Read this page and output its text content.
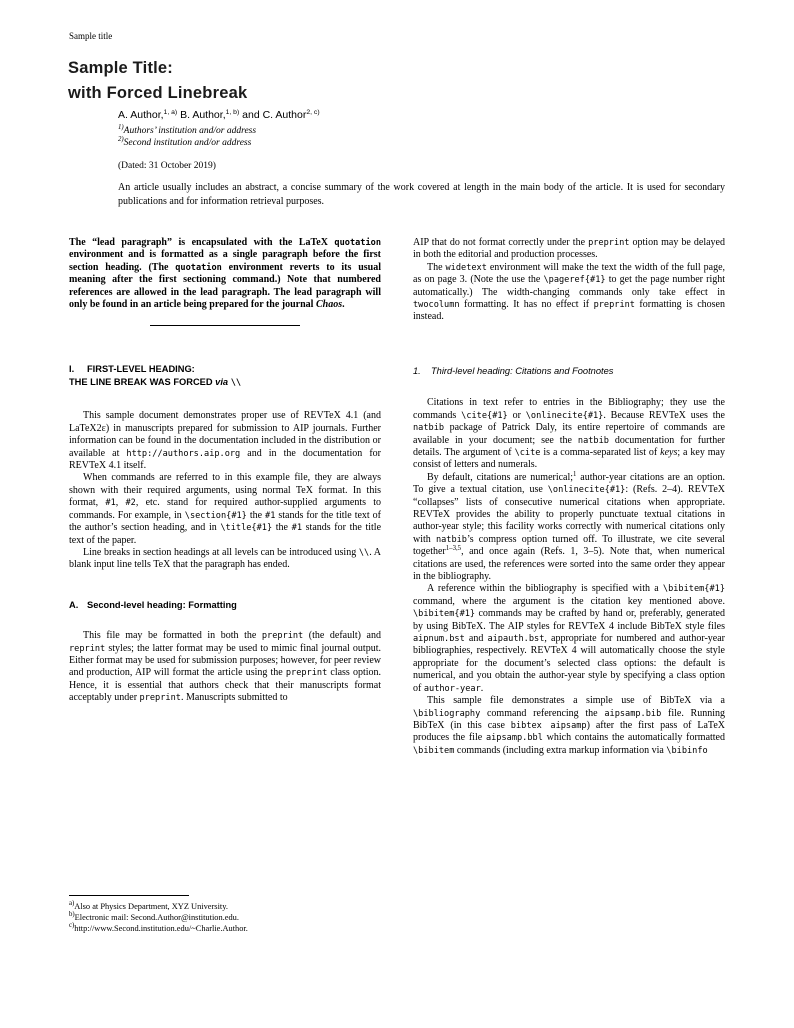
Sample title
Sample Title:
with Forced Linebreak
A. Author,$^{1, a)}$ B. Author,$^{1, b)}$ and C. Author$^{2, c)}$
$^{1)}$Authors’ institution and/or address
$^{2)}$Second institution and/or address
(Dated: 31 October 2019)

An article usually includes an abstract, a concise summary of the work covered at length in the main body of the article. It is used for secondary publications and for information retrieval purposes.

The “lead paragraph” is encapsulated with the LaTeX quotation environment and is formatted as a single paragraph before the first section heading. (The quotation environment reverts to its usual meaning after the first sectioning command.) Note that numbered references are allowed in the lead paragraph. The lead paragraph will only be found in an article being prepared for the journal Chaos.

I. FIRST-LEVEL HEADING:
THE LINE BREAK WAS FORCED via \\

This sample document demonstrates proper use of REVTeX 4.1 (and LaTeX2ε) in manuscripts prepared for submission to AIP journals. Further information can be found in the documentation included in the distribution or available at http://authors.aip.org and in the documentation for REVTeX 4.1 itself.

When commands are referred to in this example file, they are always shown with their required arguments, using normal TeX format. In this format, #1, #2, etc. stand for required author-supplied arguments to commands. For example, in \section{#1} the #1 stands for the title text of the author’s section heading, and in \title{#1} the #1 stands for the title text of the paper.

Line breaks in section headings at all levels can be introduced using \\. A blank input line tells TeX that the paragraph has ended.

A. Second-level heading: Formatting

This file may be formatted in both the preprint (the default) and reprint styles; the latter format may be used to mimic final journal output. Either format may be used for submission purposes; however, for peer review and production, AIP will format the article using the preprint class option. Hence, it is essential that authors check that their manuscripts format acceptably under preprint. Manuscripts submitted to

$^{a)}$Also at Physics Department, XYZ University.
$^{b)}$Electronic mail: Second.Author@institution.edu.
$^{c)}$http://www.Second.institution.edu/~Charlie.Author.

AIP that do not format correctly under the preprint option may be delayed in both the editorial and production processes.

The widetext environment will make the text the width of the full page, as on page 3. (Note the use the \pageref{#1} to get the page number right automatically.) The width-changing commands only take effect in twocolumn formatting. It has no effect if preprint formatting is chosen instead.

1. Third-level heading: Citations and Footnotes

Citations in text refer to entries in the Bibliography; they use the commands \cite{#1} or \onlinecite{#1}. Because REVTeX uses the natbib package of Patrick Daly, its entire repertoire of commands are available in your document; see the natbib documentation for further details. The argument of \cite is a comma-separated list of keys; a key may consist of letters and numerals.

By default, citations are numerical;$^1$ author-year citations are an option. To give a textual citation, use \onlinecite{#1}: (Refs. 2–4). REVTeX “collapses” lists of consecutive numerical citations when appropriate. REVTeX provides the ability to properly punctuate textual citations in author-year style; this facility works correctly with numerical citations only with natbib’s compress option turned off. To illustrate, we cite several together$^{1-3,5}$, and once again (Refs. 1, 3–5). Note that, when numerical citations are used, the references were sorted into the same order they appear in the bibliography.

A reference within the bibliography is specified with a \bibitem{#1} command, where the argument is the citation key mentioned above. \bibitem{#1} commands may be crafted by hand or, preferably, generated by using BibTeX. The AIP styles for REVTeX 4 include BibTeX style files aipnum.bst and aipauth.bst, appropriate for numbered and author-year bibliographies, respectively. REVTeX 4 will automatically choose the style appropriate for the document’s selected class options: the default is numerical, and you obtain the author-year style by specifying a class option of author-year.

This sample file demonstrates a simple use of BibTeX via a \bibliography command referencing the aipsamp.bib file. Running BibTeX (in this case bibtex aipsamp) after the first pass of LaTeX produces the file aipsamp.bbl which contains the automatically formatted \bibitem commands (including extra markup information via \bibinfo
